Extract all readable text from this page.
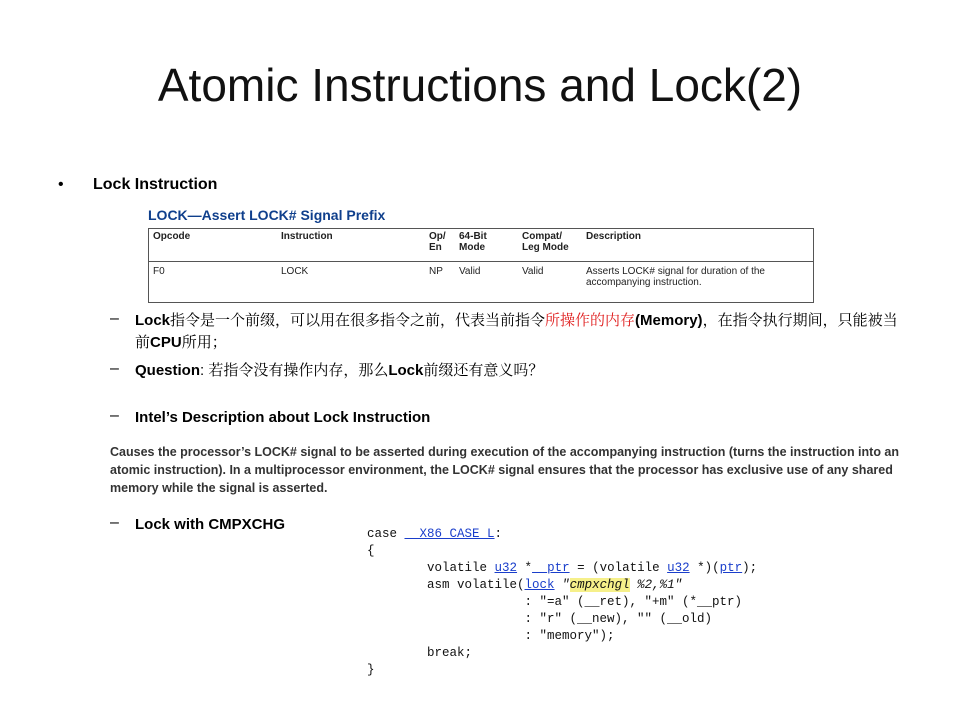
Atomic Instructions and Lock(2)
• Lock Instruction
LOCK—Assert LOCK# Signal Prefix
Opcode	Instruction	Op/ En	64-Bit Mode	Compat/ Leg Mode	Description
F0	LOCK	NP	Valid	Valid	Asserts LOCK# signal for duration of the accompanying instruction.
– Lock指令是一个前缀，可以用在很多指令之前，代表当前指令所操作的内存(Memory)，在指令执行期间，只能被当前CPU所用；
– Question: 若指令没有操作内存，那么Lock前缀还有意义吗？
– Intel’s Description about Lock Instruction
Causes the processor’s LOCK# signal to be asserted during execution of the accompanying instruction (turns the instruction into an atomic instruction). In a multiprocessor environment, the LOCK# signal ensures that the processor has exclusive use of any shared memory while the signal is asserted.
– Lock with CMPXCHG
case __X86_CASE_L:
{
volatile u32 *__ptr = (volatile u32 *)(ptr);
asm volatile(lock "cmpxchgl %2,%1"
: "=a" (__ret), "+m" (*__ptr)
: "r" (__new), "" (__old)
: "memory");
break;
}
